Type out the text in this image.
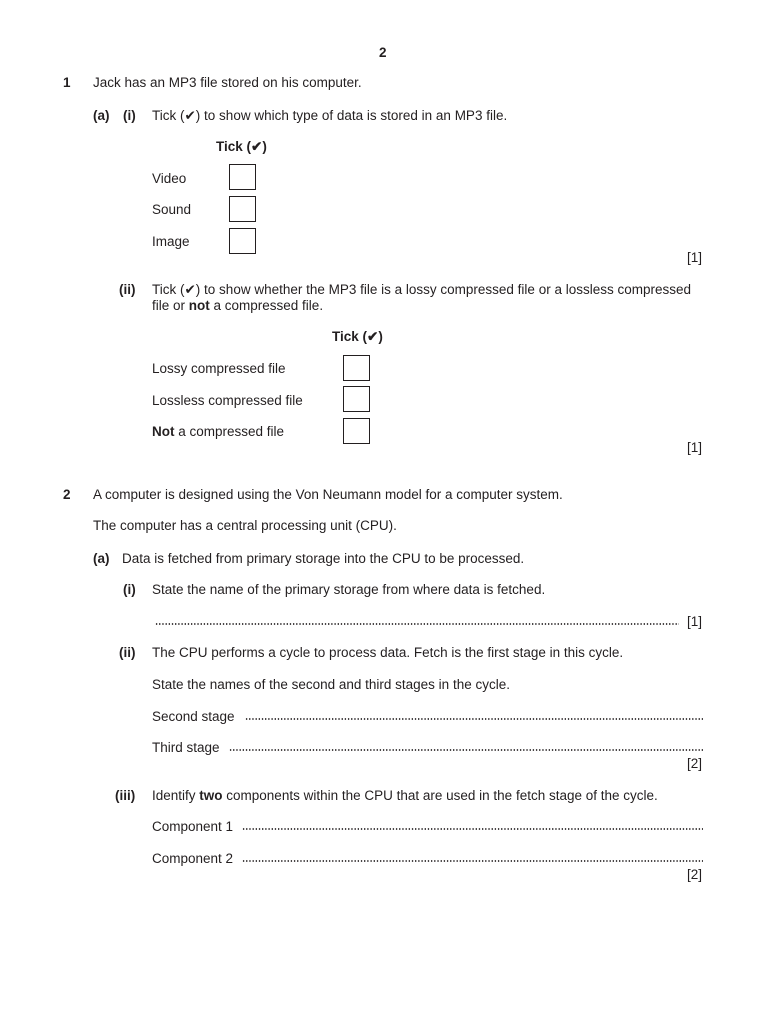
2
1 Jack has an MP3 file stored on his computer.
(a) (i) Tick (✔) to show which type of data is stored in an MP3 file.
Tick (✔)
Video
Sound
Image
[1]
(ii) Tick (✔) to show whether the MP3 file is a lossy compressed file or a lossless compressed
file or not a compressed file.
Tick (✔)
Lossy compressed file
Lossless compressed file
Not a compressed file
[1]
2 A computer is designed using the Von Neumann model for a computer system.
The computer has a central processing unit (CPU).
(a) Data is fetched from primary storage into the CPU to be processed.
(i) State the name of the primary storage from where data is fetched.
[1]
(ii) The CPU performs a cycle to process data. Fetch is the first stage in this cycle.
State the names of the second and third stages in the cycle.
Second stage
Third stage
[2]
(iii) Identify two components within the CPU that are used in the fetch stage of the cycle.
Component 1
Component 2
[2]
